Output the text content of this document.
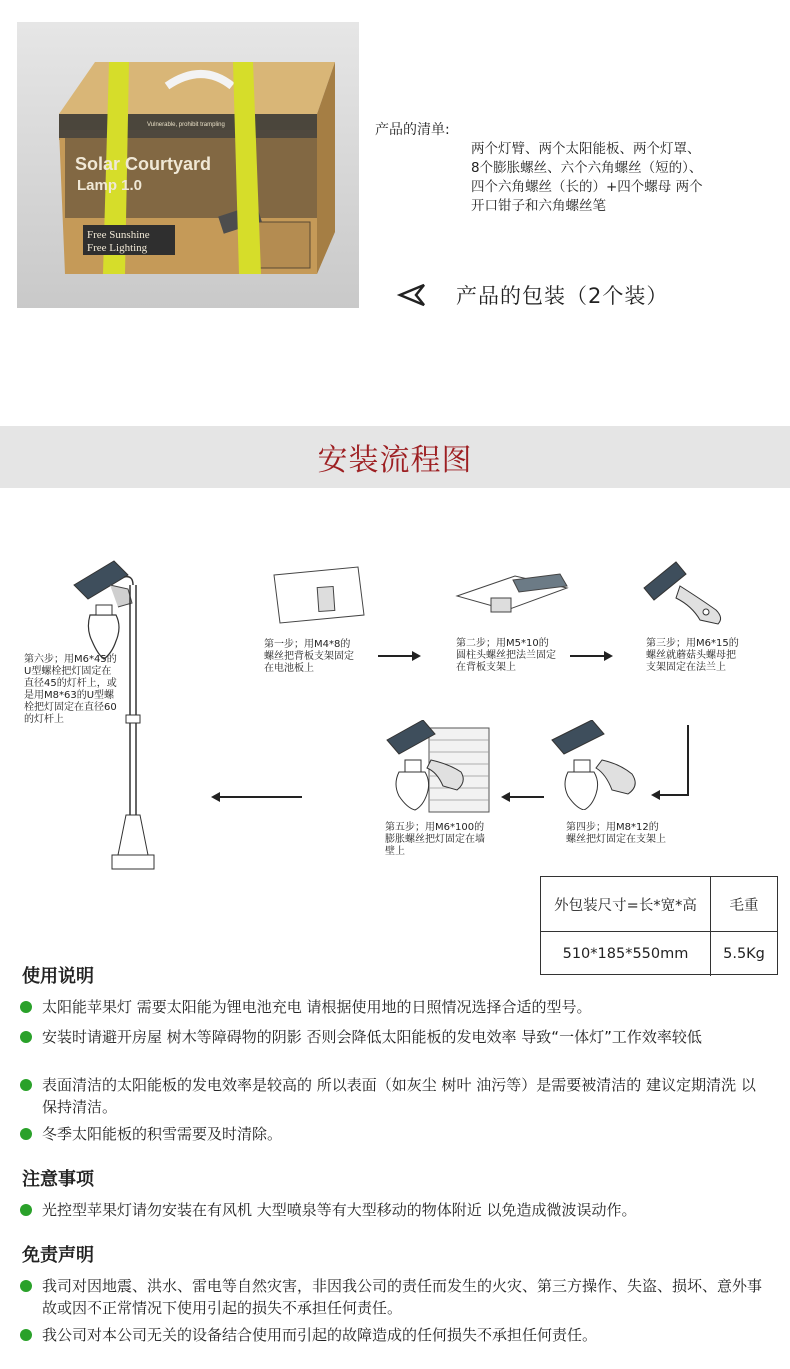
Solar Courtyard
Lamp 1.0
Free Sunshine
Free Lighting
Vulnerable, prohibit trampling	产品的清单:
两个灯臂、两个太阳能板、两个灯罩、
8个膨胀螺丝、六个六角螺丝（短的）、
四个六角螺丝（长的）+四个螺母 两个
开口钳子和六角螺丝笔
产品的包装（2个装）
安装流程图
第六步；用M6*45的
U型螺栓把灯固定在
直径45的灯杆上，或
是用M8*63的U型螺
栓把灯固定在直径60
的灯杆上
第一步；用M4*8的
螺丝把背板支架固定
在电池板上
第二步；用M5*10的
圆柱头螺丝把法兰固定
在背板支架上
第三步；用M6*15的
螺丝就蘑菇头螺母把
支架固定在法兰上
第四步；用M8*12的
螺丝把灯固定在支架上
第五步；用M6*100的
膨胀螺丝把灯固定在墙
壁上
外包装尺寸=长*宽*高	毛重
510*185*550mm	5.5Kg
使用说明
太阳能苹果灯 需要太阳能为锂电池充电 请根据使用地的日照情况选择合适的型号。
安装时请避开房屋 树木等障碍物的阴影 否则会降低太阳能板的发电效率 导致“一体灯”工作效率较低
表面清洁的太阳能板的发电效率是较高的 所以表面（如灰尘 树叶 油污等）是需要被清洁的 建议定期清洗 以保持清洁。
冬季太阳能板的积雪需要及时清除。
注意事项
光控型苹果灯请勿安装在有风机 大型喷泉等有大型移动的物体附近 以免造成微波误动作。
免责声明
我司对因地震、洪水、雷电等自然灾害，非因我公司的责任而发生的火灾、第三方操作、失盗、损坏、意外事故或因不正常情况下使用引起的损失不承担任何责任。
我公司对本公司无关的设备结合使用而引起的故障造成的任何损失不承担任何责任。
